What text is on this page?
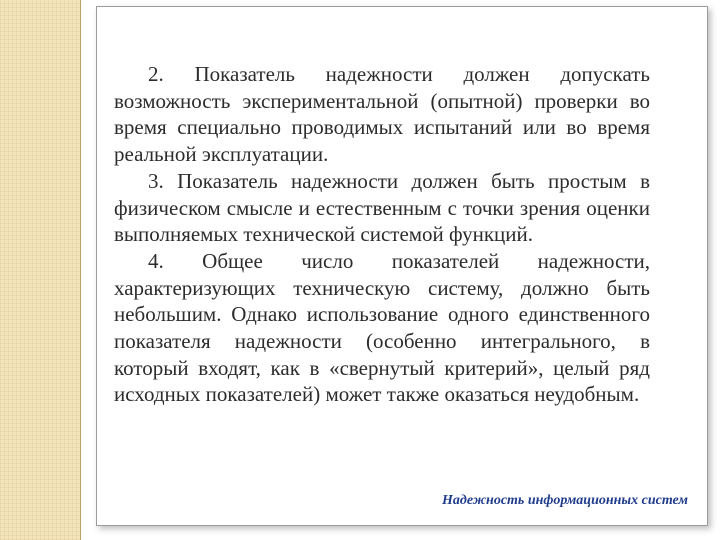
2. Показатель надежности должен допускать возможность экспериментальной (опытной) проверки во время специально проводимых испытаний или во время реальной эксплуатации.

3. Показатель надежности должен быть простым в физическом смысле и естественным с точки зрения оценки выполняемых технической системой функций.

4. Общее число показателей надежности, характеризующих техническую систему, должно быть небольшим. Однако использование одного единственного показателя надежности (особенно интегрального, в который входят, как в «свернутый критерий», целый ряд исходных показателей) может также оказаться неудобным.

Надежность информационных систем
